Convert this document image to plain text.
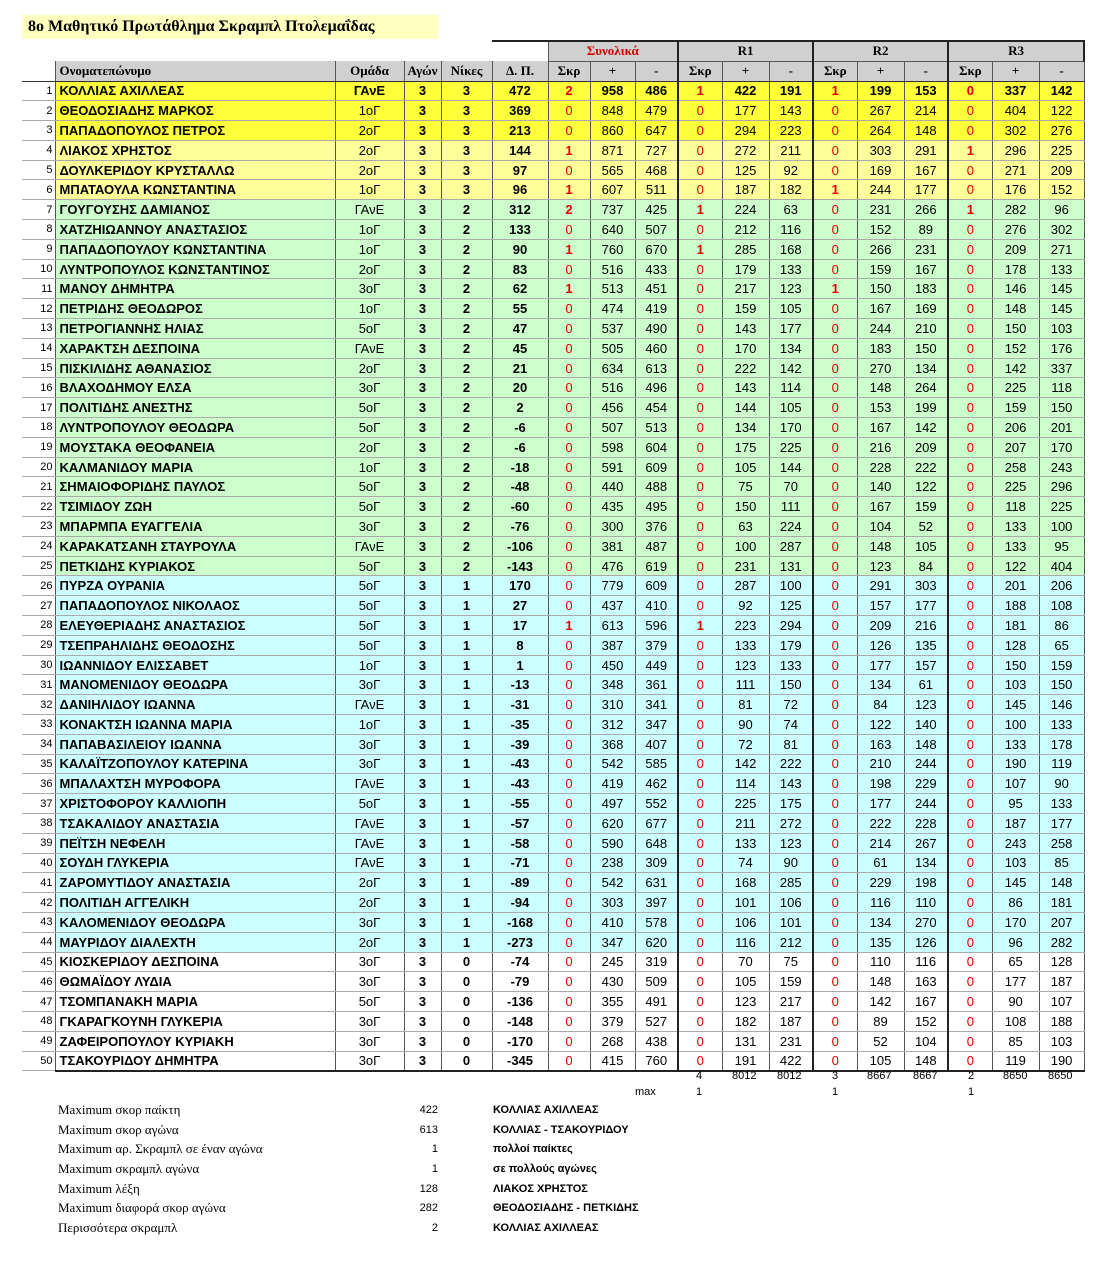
8ο Μαθητικό Πρωτάθλημα Σκραμπλ Πτολεμαΐδας
						Συνολικά			R1			R2			R3		
	Ονοματεπώνυμο	Ομάδα	Αγών	Νίκες	Δ. Π.	Σκρ	+	-	Σκρ	+	-	Σκρ	+	-	Σκρ	+	-
1	ΚΟΛΛΙΑΣ ΑΧΙΛΛΕΑΣ	ΓΑνΕ	3	3	472	2	958	486	1	422	191	1	199	153	0	337	142
2	ΘΕΟΔΟΣΙΑΔΗΣ ΜΑΡΚΟΣ	1οΓ	3	3	369	0	848	479	0	177	143	0	267	214	0	404	122
3	ΠΑΠΑΔΟΠΟΥΛΟΣ ΠΕΤΡΟΣ	2οΓ	3	3	213	0	860	647	0	294	223	0	264	148	0	302	276
4	ΛΙΑΚΟΣ ΧΡΗΣΤΟΣ	2οΓ	3	3	144	1	871	727	0	272	211	0	303	291	1	296	225
5	ΔΟΥΛΚΕΡΙΔΟΥ ΚΡΥΣΤΑΛΛΩ	2οΓ	3	3	97	0	565	468	0	125	92	0	169	167	0	271	209
6	ΜΠΑΤΑΟΥΛΑ ΚΩΝΣΤΑΝΤΙΝΑ	1οΓ	3	3	96	1	607	511	0	187	182	1	244	177	0	176	152
7	ΓΟΥΓΟΥΣΗΣ ΔΑΜΙΑΝΟΣ	ΓΑνΕ	3	2	312	2	737	425	1	224	63	0	231	266	1	282	96
8	ΧΑΤΖΗΙΩΑΝΝΟΥ ΑΝΑΣΤΑΣΙΟΣ	1οΓ	3	2	133	0	640	507	0	212	116	0	152	89	0	276	302
9	ΠΑΠΑΔΟΠΟΥΛΟΥ ΚΩΝΣΤΑΝΤΙΝΑ	1οΓ	3	2	90	1	760	670	1	285	168	0	266	231	0	209	271
10	ΛΥΝΤΡΟΠΟΥΛΟΣ ΚΩΝΣΤΑΝΤΙΝΟΣ	2οΓ	3	2	83	0	516	433	0	179	133	0	159	167	0	178	133
11	ΜΑΝΟΥ ΔΗΜΗΤΡΑ	3οΓ	3	2	62	1	513	451	0	217	123	1	150	183	0	146	145
12	ΠΕΤΡΙΔΗΣ ΘΕΟΔΩΡΟΣ	1οΓ	3	2	55	0	474	419	0	159	105	0	167	169	0	148	145
13	ΠΕΤΡΟΓΙΑΝΝΗΣ ΗΛΙΑΣ	5οΓ	3	2	47	0	537	490	0	143	177	0	244	210	0	150	103
14	ΧΑΡΑΚΤΣΗ ΔΕΣΠΟΙΝΑ	ΓΑνΕ	3	2	45	0	505	460	0	170	134	0	183	150	0	152	176
15	ΠΙΣΚΙΛΙΔΗΣ ΑΘΑΝΑΣΙΟΣ	2οΓ	3	2	21	0	634	613	0	222	142	0	270	134	0	142	337
16	ΒΛΑΧΟΔΗΜΟΥ ΕΛΣΑ	3οΓ	3	2	20	0	516	496	0	143	114	0	148	264	0	225	118
17	ΠΟΛΙΤΙΔΗΣ ΑΝΕΣΤΗΣ	5οΓ	3	2	2	0	456	454	0	144	105	0	153	199	0	159	150
18	ΛΥΝΤΡΟΠΟΥΛΟΥ ΘΕΟΔΩΡΑ	5οΓ	3	2	-6	0	507	513	0	134	170	0	167	142	0	206	201
19	ΜΟΥΣΤΑΚΑ ΘΕΟΦΑΝΕΙΑ	2οΓ	3	2	-6	0	598	604	0	175	225	0	216	209	0	207	170
20	ΚΑΛΜΑΝΙΔΟΥ ΜΑΡΙΑ	1οΓ	3	2	-18	0	591	609	0	105	144	0	228	222	0	258	243
21	ΣΗΜΑΙΟΦΟΡΙΔΗΣ ΠΑΥΛΟΣ	5οΓ	3	2	-48	0	440	488	0	75	70	0	140	122	0	225	296
22	ΤΣΙΜΙΔΟΥ ΖΩΗ	5οΓ	3	2	-60	0	435	495	0	150	111	0	167	159	0	118	225
23	ΜΠΑΡΜΠΑ ΕΥΑΓΓΕΛΙΑ	3οΓ	3	2	-76	0	300	376	0	63	224	0	104	52	0	133	100
24	ΚΑΡΑΚΑΤΣΑΝΗ ΣΤΑΥΡΟΥΛΑ	ΓΑνΕ	3	2	-106	0	381	487	0	100	287	0	148	105	0	133	95
25	ΠΕΤΚΙΔΗΣ ΚΥΡΙΑΚΟΣ	5οΓ	3	2	-143	0	476	619	0	231	131	0	123	84	0	122	404
26	ΠΥΡΖΑ ΟΥΡΑΝΙΑ	5οΓ	3	1	170	0	779	609	0	287	100	0	291	303	0	201	206
27	ΠΑΠΑΔΟΠΟΥΛΟΣ ΝΙΚΟΛΑΟΣ	5οΓ	3	1	27	0	437	410	0	92	125	0	157	177	0	188	108
28	ΕΛΕΥΘΕΡΙΑΔΗΣ ΑΝΑΣΤΑΣΙΟΣ	5οΓ	3	1	17	1	613	596	1	223	294	0	209	216	0	181	86
29	ΤΣΕΠΡΑΗΛΙΔΗΣ ΘΕΟΔΟΣΗΣ	5οΓ	3	1	8	0	387	379	0	133	179	0	126	135	0	128	65
30	ΙΩΑΝΝΙΔΟΥ ΕΛΙΣΣΑΒΕΤ	1οΓ	3	1	1	0	450	449	0	123	133	0	177	157	0	150	159
31	ΜΑΝΟΜΕΝΙΔΟΥ ΘΕΟΔΩΡΑ	3οΓ	3	1	-13	0	348	361	0	111	150	0	134	61	0	103	150
32	ΔΑΝΙΗΛΙΔΟΥ ΙΩΑΝΝΑ	ΓΑνΕ	3	1	-31	0	310	341	0	81	72	0	84	123	0	145	146
33	ΚΟΝΑΚΤΣΗ ΙΩΑΝΝΑ ΜΑΡΙΑ	1οΓ	3	1	-35	0	312	347	0	90	74	0	122	140	0	100	133
34	ΠΑΠΑΒΑΣΙΛΕΙΟΥ ΙΩΑΝΝΑ	3οΓ	3	1	-39	0	368	407	0	72	81	0	163	148	0	133	178
35	ΚΑΛΑΪΤΖΟΠΟΥΛΟΥ ΚΑΤΕΡΙΝΑ	3οΓ	3	1	-43	0	542	585	0	142	222	0	210	244	0	190	119
36	ΜΠΑΛΑΧΤΣΗ ΜΥΡΟΦΟΡΑ	ΓΑνΕ	3	1	-43	0	419	462	0	114	143	0	198	229	0	107	90
37	ΧΡΙΣΤΟΦΟΡΟΥ ΚΑΛΛΙΟΠΗ	5οΓ	3	1	-55	0	497	552	0	225	175	0	177	244	0	95	133
38	ΤΣΑΚΑΛΙΔΟΥ ΑΝΑΣΤΑΣΙΑ	ΓΑνΕ	3	1	-57	0	620	677	0	211	272	0	222	228	0	187	177
39	ΠΕΪΤΣΗ ΝΕΦΕΛΗ	ΓΑνΕ	3	1	-58	0	590	648	0	133	123	0	214	267	0	243	258
40	ΣΟΥΔΗ ΓΛΥΚΕΡΙΑ	ΓΑνΕ	3	1	-71	0	238	309	0	74	90	0	61	134	0	103	85
41	ΖΑΡΟΜΥΤΙΔΟΥ ΑΝΑΣΤΑΣΙΑ	2οΓ	3	1	-89	0	542	631	0	168	285	0	229	198	0	145	148
42	ΠΟΛΙΤΙΔΗ ΑΓΓΕΛΙΚΗ	2οΓ	3	1	-94	0	303	397	0	101	106	0	116	110	0	86	181
43	ΚΑΛΟΜΕΝΙΔΟΥ ΘΕΟΔΩΡΑ	3οΓ	3	1	-168	0	410	578	0	106	101	0	134	270	0	170	207
44	ΜΑΥΡΙΔΟΥ ΔΙΑΛΕΧΤΗ	2οΓ	3	1	-273	0	347	620	0	116	212	0	135	126	0	96	282
45	ΚΙΟΣΚΕΡΙΔΟΥ ΔΕΣΠΟΙΝΑ	3οΓ	3	0	-74	0	245	319	0	70	75	0	110	116	0	65	128
46	ΘΩΜΑΪΔΟΥ ΛΥΔΙΑ	3οΓ	3	0	-79	0	430	509	0	105	159	0	148	163	0	177	187
47	ΤΣΟΜΠΑΝΑΚΗ ΜΑΡΙΑ	5οΓ	3	0	-136	0	355	491	0	123	217	0	142	167	0	90	107
48	ΓΚΑΡΑΓΚΟΥΝΗ ΓΛΥΚΕΡΙΑ	3οΓ	3	0	-148	0	379	527	0	182	187	0	89	152	0	108	188
49	ΖΑΦΕΙΡΟΠΟΥΛΟΥ ΚΥΡΙΑΚΗ	3οΓ	3	0	-170	0	268	438	0	131	231	0	52	104	0	85	103
50	ΤΣΑΚΟΥΡΙΔΟΥ ΔΗΜΗΤΡΑ	3οΓ	3	0	-345	0	415	760	0	191	422	0	105	148	0	119	190
4	8012 8012	3	8667 8667	2	8650 8650
max	1	1	1
Maximum σκορ παίκτη	422	ΚΟΛΛΙΑΣ ΑΧΙΛΛΕΑΣ
Maximum σκορ αγώνα	613	ΚΟΛΛΙΑΣ - ΤΣΑΚΟΥΡΙΔΟΥ
Maximum αρ. Σκραμπλ σε έναν αγώνα	1	πολλοί παίκτες
Maximum σκραμπλ αγώνα	1	σε πολλούς αγώνες
Maximum λέξη	128	ΛΙΑΚΟΣ ΧΡΗΣΤΟΣ
Maximum διαφορά σκορ αγώνα	282	ΘΕΟΔΟΣΙΑΔΗΣ - ΠΕΤΚΙΔΗΣ
Περισσότερα σκραμπλ	2	ΚΟΛΛΙΑΣ ΑΧΙΛΛΕΑΣ
